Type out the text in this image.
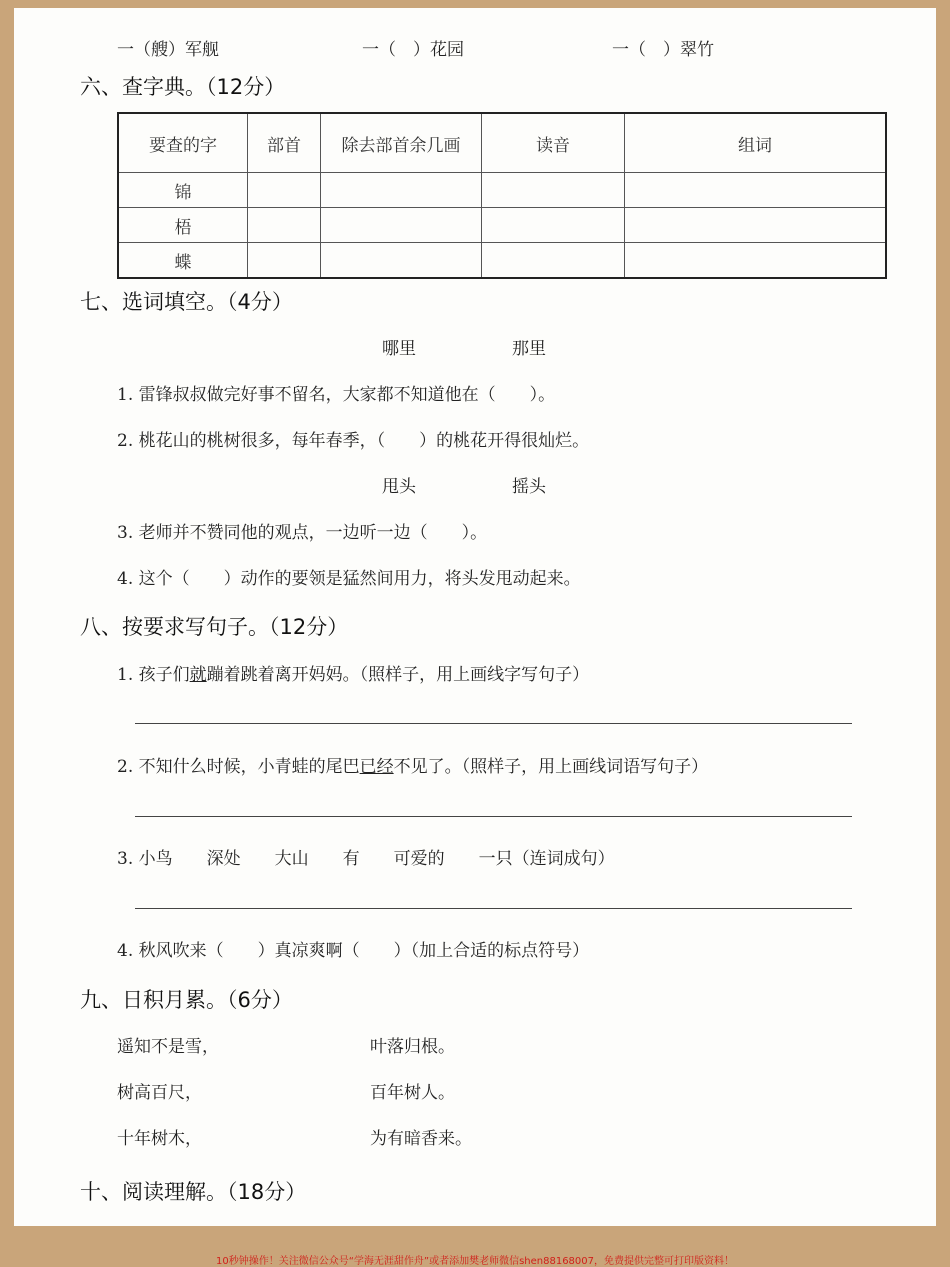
一（艘）军舰	一（　）花园	一（　）翠竹
六、查字典。（12分）
要查的字	部首	除去部首余几画	读音	组词
锦				
梧				
蝶				
七、选词填空。（4分）
哪里	那里
1. 雷锋叔叔做完好事不留名，大家都不知道他在（　　）。
2. 桃花山的桃树很多，每年春季，（　　）的桃花开得很灿烂。
甩头	摇头
3. 老师并不赞同他的观点，一边听一边（　　）。
4. 这个（　　）动作的要领是猛然间用力，将头发甩动起来。
八、按要求写句子。（12分）
1. 孩子们就蹦着跳着离开妈妈。（照样子，用上画线字写句子）
2. 不知什么时候，小青蛙的尾巴已经不见了。（照样子，用上画线词语写句子）
3. 小鸟　　深处　　大山　　有　　可爱的　　一只（连词成句）
4. 秋风吹来（　　）真凉爽啊（　　）（加上合适的标点符号）
九、日积月累。（6分）
遥知不是雪，	叶落归根。
树高百尺，	百年树人。
十年树木，	为有暗香来。
十、阅读理解。（18分）
10秒钟操作！关注微信公众号“学海无涯甜作舟”或者添加樊老师微信shen88168007，免费提供完整可打印版资料！
